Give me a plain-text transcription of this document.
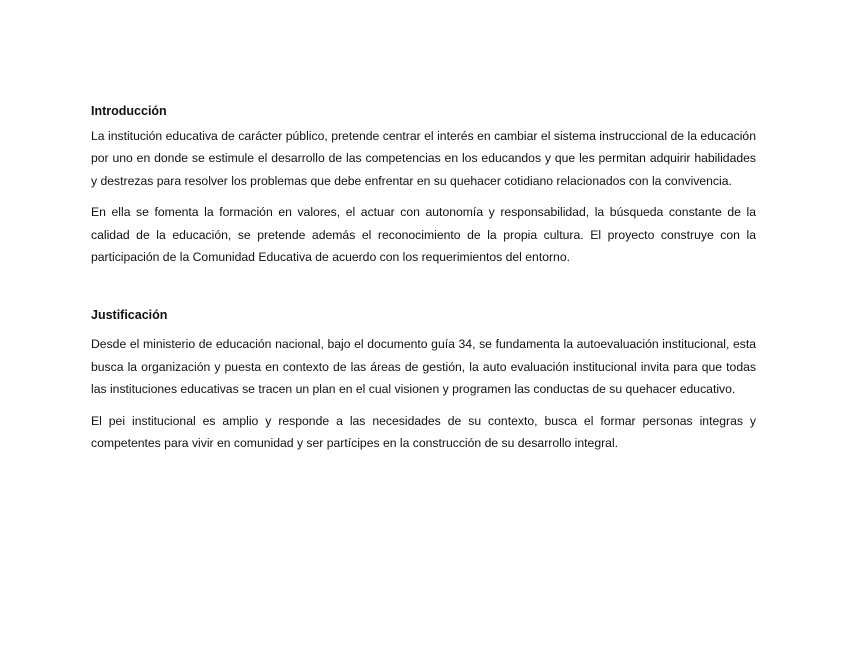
Introducción

La institución educativa de carácter público, pretende centrar el interés en cambiar el sistema instruccional de la educación por uno en donde se estimule el desarrollo de las competencias en los educandos y que les permitan adquirir habilidades y destrezas para resolver los problemas que debe enfrentar en su quehacer cotidiano relacionados con la convivencia.

En ella se fomenta la formación en valores, el actuar con autonomía y responsabilidad, la búsqueda constante de la calidad de la educación, se pretende además el reconocimiento de la propia cultura. El proyecto construye con la participación de la Comunidad Educativa de acuerdo con los requerimientos del entorno.

Justificación

Desde el ministerio de educación nacional, bajo el documento guía 34, se fundamenta la autoevaluación institucional, esta busca la organización y puesta en contexto de las áreas de gestión, la auto evaluación institucional invita para que todas las instituciones educativas se tracen un plan en el cual visionen y programen las conductas de su quehacer educativo.

El pei institucional es amplio y responde a las necesidades de su contexto, busca el formar personas integras y competentes para vivir en comunidad y ser partícipes en la construcción de su desarrollo integral.
